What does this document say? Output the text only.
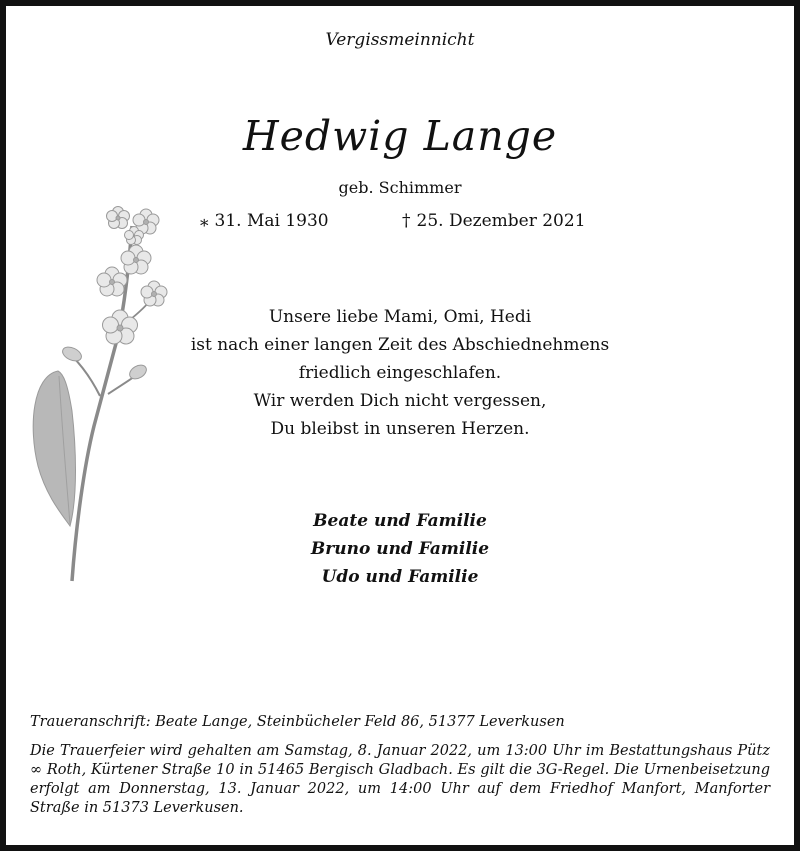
Vergissmeinnicht
Hedwig Lange
geb. Schimmer
⁎ 31. Mai 1930	† 25. Dezember 2021
Unsere liebe Mami, Omi, Hedi
ist nach einer langen Zeit des Abschiednehmens
friedlich eingeschlafen.
Wir werden Dich nicht vergessen,
Du bleibst in unseren Herzen.
Beate und Familie
Bruno und Familie
Udo und Familie

Traueranschrift: Beate Lange, Steinbücheler Feld 86, 51377 Leverkusen

Die Trauerfeier wird gehalten am Samstag, 8. Januar 2022, um 13:00 Uhr im Bestattungshaus Pütz ∞ Roth, Kürtener Straße 10 in 51465 Bergisch Gladbach. Es gilt die 3G-Regel. Die Urnenbeisetzung erfolgt am Donnerstag, 13. Januar 2022, um 14:00 Uhr auf dem Friedhof Manfort, Manforter Straße in 51373 Leverkusen.
